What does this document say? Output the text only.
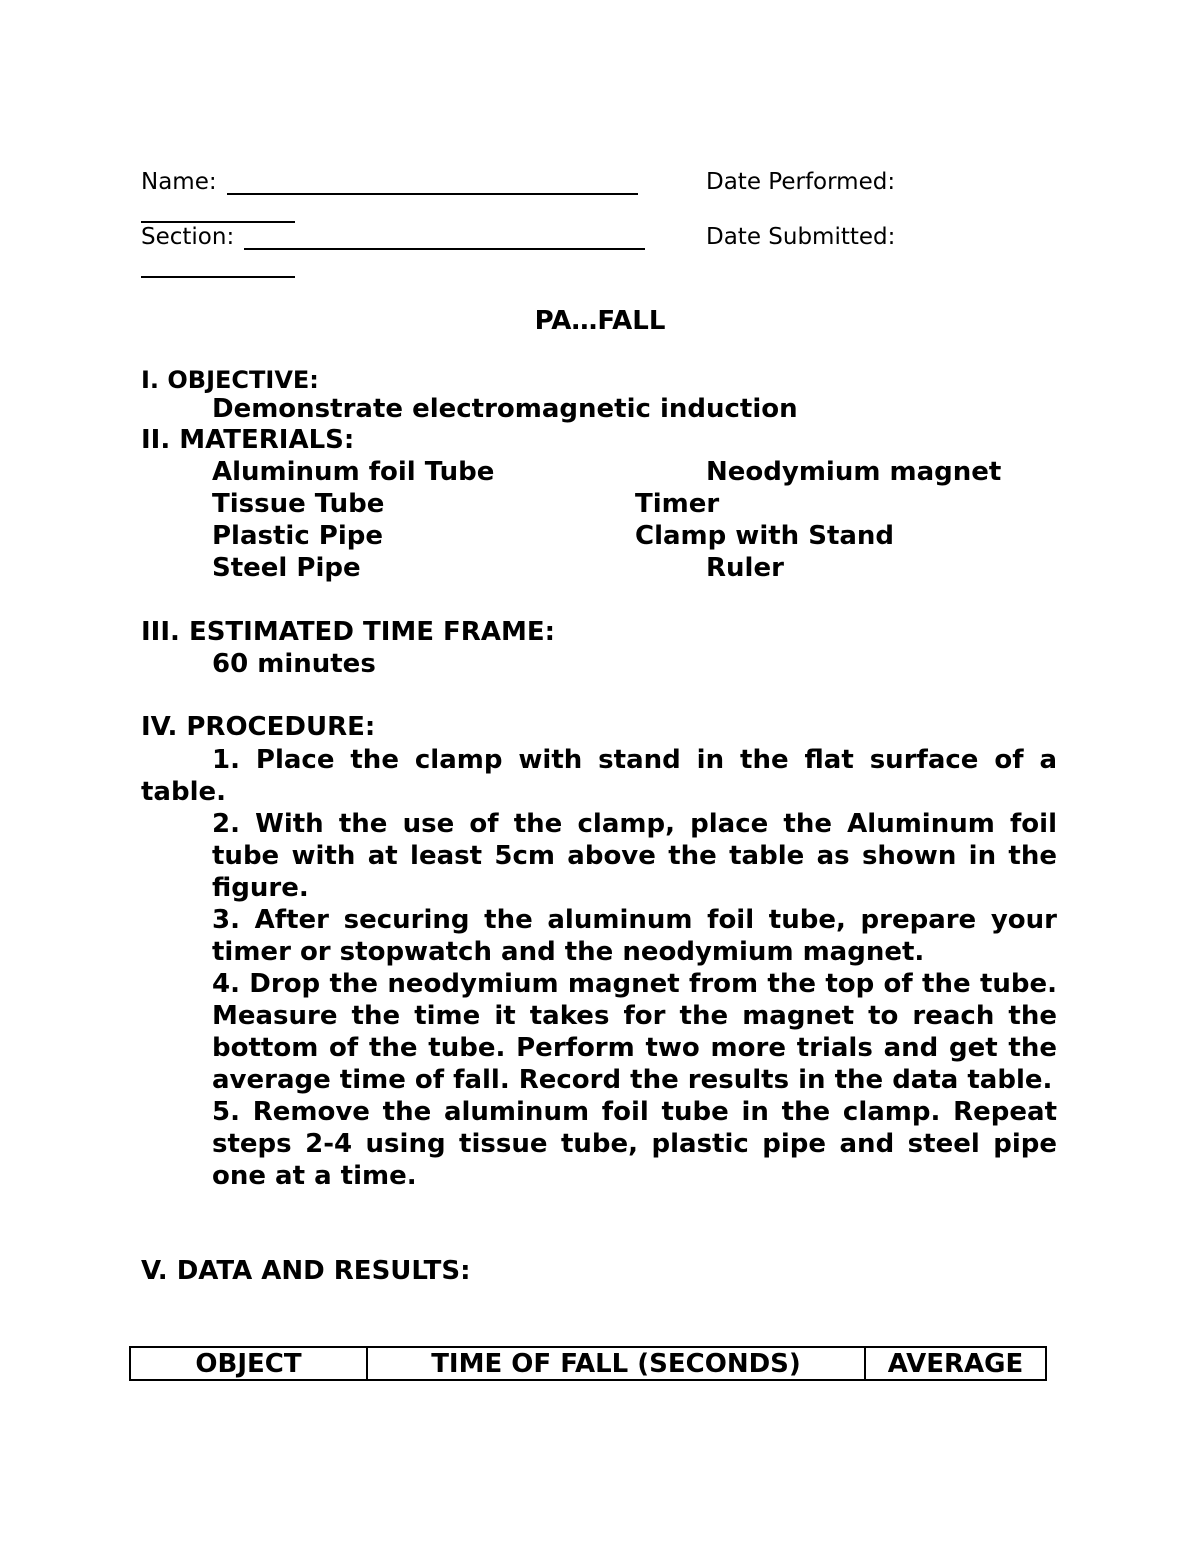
Name:	Date Performed:
Section:	Date Submitted:
PA…FALL
I. OBJECTIVE:
Demonstrate electromagnetic induction
II. MATERIALS:
Aluminum foil Tube	Neodymium magnet
Tissue Tube	Timer
Plastic Pipe	Clamp with Stand
Steel Pipe	Ruler
III. ESTIMATED TIME FRAME:
60 minutes
IV. PROCEDURE:

1. Place the clamp with stand in the flat surface of a table.

2. With the use of the clamp, place the Aluminum foil tube with at least 5cm above the table as shown in the figure.

3. After securing the aluminum foil tube, prepare your timer or stopwatch and the neodymium magnet.

4. Drop the neodymium magnet from the top of the tube. Measure the time it takes for the magnet to reach the bottom of the tube. Perform two more trials and get the average time of fall. Record the results in the data table.

5. Remove the aluminum foil tube in the clamp. Repeat steps 2-4 using tissue tube, plastic pipe and steel pipe one at a time.

V. DATA AND RESULTS:
OBJECT	TIME OF FALL (SECONDS)	AVERAGE
